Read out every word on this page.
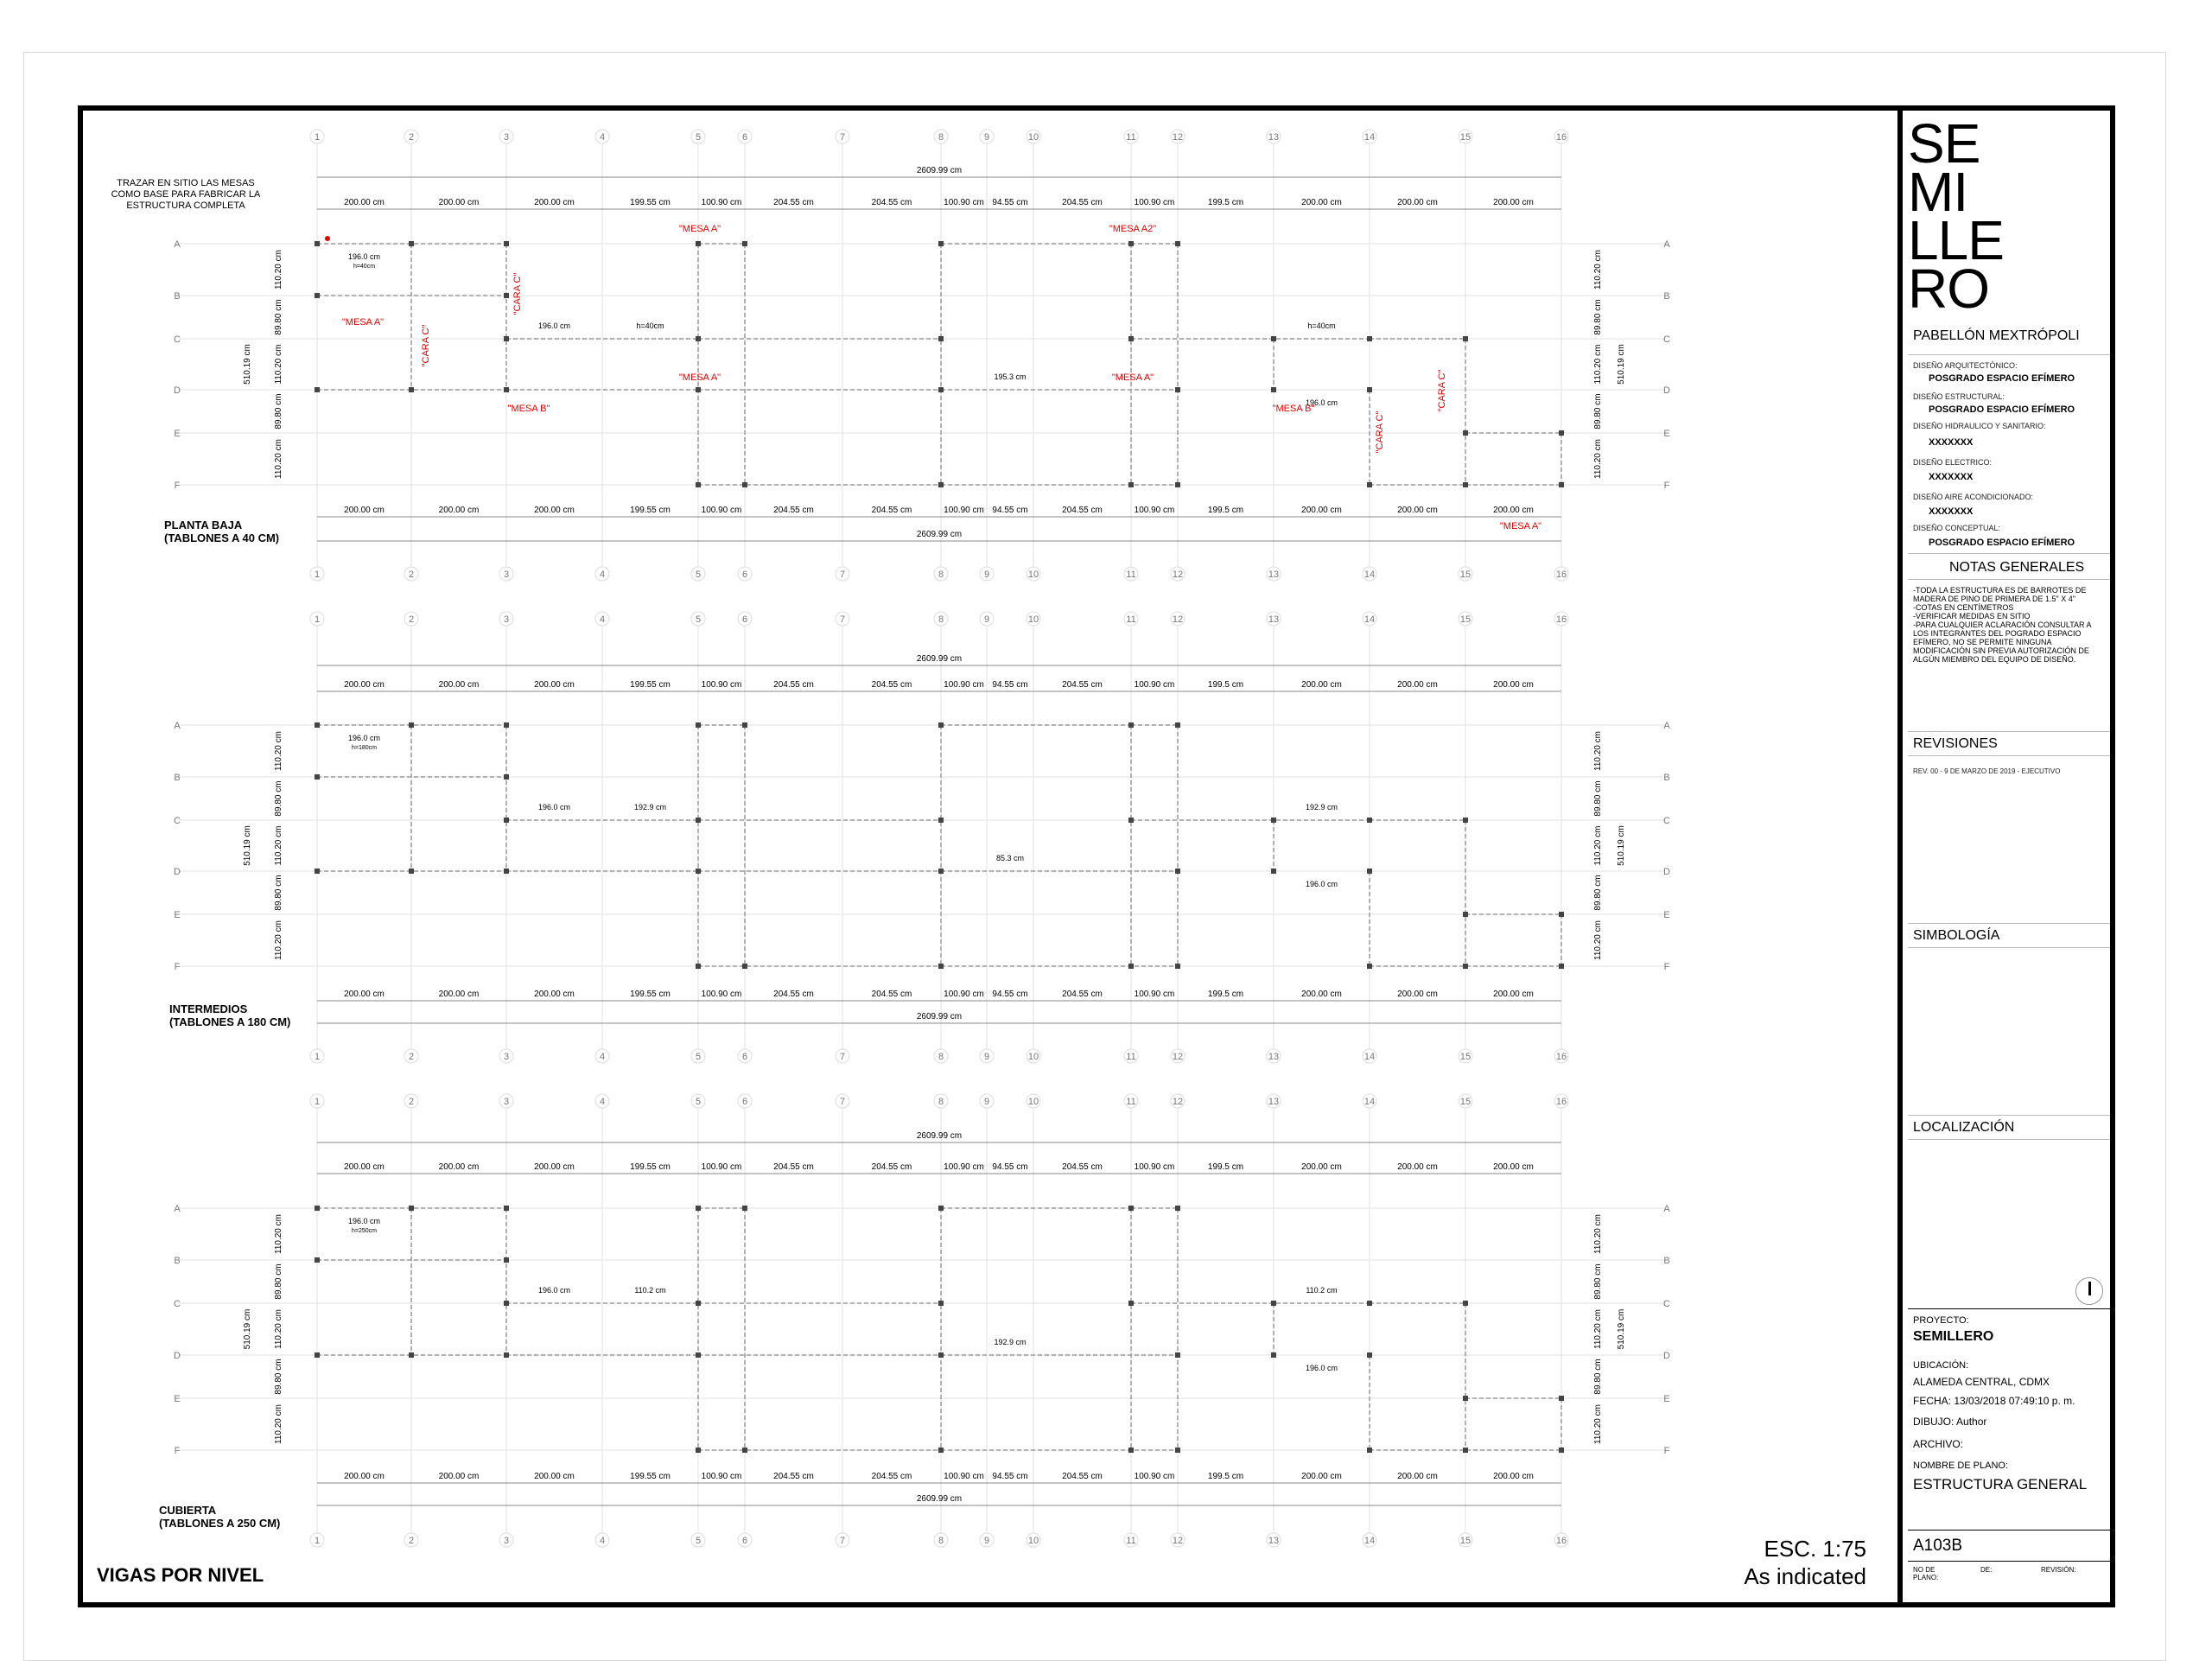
1
1
2
2
3
3
4
4
5
5
6
6
7
7
8
8
9
9
10
10
11
11
12
12
13
13
14
14
15
15
16
16
A	A
B	B
C	C
D	D
E	E
F	F
2609.99 cm
200.00 cm	200.00 cm	200.00 cm	199.55 cm	100.90 cm	204.55 cm	204.55 cm	100.90 cm 94.55 cm	204.55 cm	100.90 cm	199.5 cm	200.00 cm	200.00 cm	200.00 cm
2609.99 cm
200.00 cm	200.00 cm	200.00 cm	199.55 cm	100.90 cm	204.55 cm	204.55 cm	100.90 cm 94.55 cm	204.55 cm	100.90 cm	199.5 cm	200.00 cm	200.00 cm	200.00 cm
110.20 cm	110.20 cm
89.80 cm	89.80 cm
110.20 cm	110.20 cm
89.80 cm	89.80 cm
110.20 cm	110.20 cm
510.19 cm	510.19 cm
196.0 cm
h=40cm
196.0 cm	h=40cm
195.3 cm
h=40cm
196.0 cm
1
1
2
2
3
3
4
4
5
5
6
6
7
7
8
8
9
9
10
10
11
11
12
12
13
13
14
14
15
15
16
16
A	A
B	B
C	C
D	D
E	E
F	F
2609.99 cm
200.00 cm	200.00 cm	200.00 cm	199.55 cm	100.90 cm	204.55 cm	204.55 cm	100.90 cm 94.55 cm	204.55 cm	100.90 cm	199.5 cm	200.00 cm	200.00 cm	200.00 cm
2609.99 cm
200.00 cm	200.00 cm	200.00 cm	199.55 cm	100.90 cm	204.55 cm	204.55 cm	100.90 cm 94.55 cm	204.55 cm	100.90 cm	199.5 cm	200.00 cm	200.00 cm	200.00 cm
110.20 cm	110.20 cm
89.80 cm	89.80 cm
110.20 cm	110.20 cm
89.80 cm	89.80 cm
110.20 cm	110.20 cm
510.19 cm	510.19 cm
196.0 cm
h=180cm
196.0 cm	192.9 cm
85.3 cm
192.9 cm
196.0 cm
1
1
2
2
3
3
4
4
5
5
6
6
7
7
8
8
9
9
10
10
11
11
12
12
13
13
14
14
15
15
16
16
A	A
B	B
C	C
D	D
E	E
F	F
2609.99 cm
200.00 cm	200.00 cm	200.00 cm	199.55 cm	100.90 cm	204.55 cm	204.55 cm	100.90 cm 94.55 cm	204.55 cm	100.90 cm	199.5 cm	200.00 cm	200.00 cm	200.00 cm
2609.99 cm
200.00 cm	200.00 cm	200.00 cm	199.55 cm	100.90 cm	204.55 cm	204.55 cm	100.90 cm 94.55 cm	204.55 cm	100.90 cm	199.5 cm	200.00 cm	200.00 cm	200.00 cm
110.20 cm	110.20 cm
89.80 cm	89.80 cm
110.20 cm	110.20 cm
89.80 cm	89.80 cm
110.20 cm	110.20 cm
510.19 cm	510.19 cm
196.0 cm
h=250cm
196.0 cm	110.2 cm
192.9 cm
110.2 cm
196.0 cm
"MESA A"	"MESA A2"
"MESA A"	"MESA A"
"MESA A"
"MESA B"	"MESA B"
"MESA A"
"CARA C"
"CARA C"
"CARA C"
"CARA C"
TRAZAR EN SITIO LAS MESAS COMO BASE PARA FABRICAR LA ESTRUCTURA COMPLETA
PLANTA BAJA
(TABLONES A 40 CM)
INTERMEDIOS
(TABLONES A 180 CM)
CUBIERTA
(TABLONES A 250 CM)
VIGAS POR NIVEL
ESC. 1:75
As indicated
SE
MI
LLE
RO
PABELLÓN MEXTRÓPOLI
DISEÑO ARQUITECTÓNICO:
POSGRADO ESPACIO EFÍMERO
DISEÑO ESTRUCTURAL:
POSGRADO ESPACIO EFÍMERO
DISEÑO HIDRAULICO Y SANITARIO:
XXXXXXX
DISEÑO ELECTRICO:
XXXXXXX
DISEÑO AIRE ACONDICIONADO:
XXXXXXX
DISEÑO CONCEPTUAL:
POSGRADO ESPACIO EFÍMERO
NOTAS GENERALES
-TODA LA ESTRUCTURA ES DE BARROTES DE MADERA DE PINO DE PRIMERA DE 1.5" X 4"
-COTAS EN CENTÍMETROS
-VERIFICAR MEDIDAS EN SITIO
-PARA CUALQUIER ACLARACIÓN CONSULTAR A LOS INTEGRANTES DEL POGRADO ESPACIO EFÍMERO, NO SE PERMITE NINGUNA MODIFICACIÓN SIN PREVIA AUTORIZACIÓN DE ALGÚN MIEMBRO DEL EQUIPO DE DISEÑO.
REVISIONES
REV. 00 - 9 DE MARZO DE 2019 - EJECUTIVO
SIMBOLOGÍA
LOCALIZACIÓN
PROYECTO:
SEMILLERO
UBICACIÓN:
ALAMEDA CENTRAL, CDMX
FECHA: 13/03/2018 07:49:10 p. m.
DIBUJO: Author
ARCHIVO:
NOMBRE DE PLANO:
ESTRUCTURA GENERAL
A103B
NO DE PLANO:
DE:	REVISIÓN:
